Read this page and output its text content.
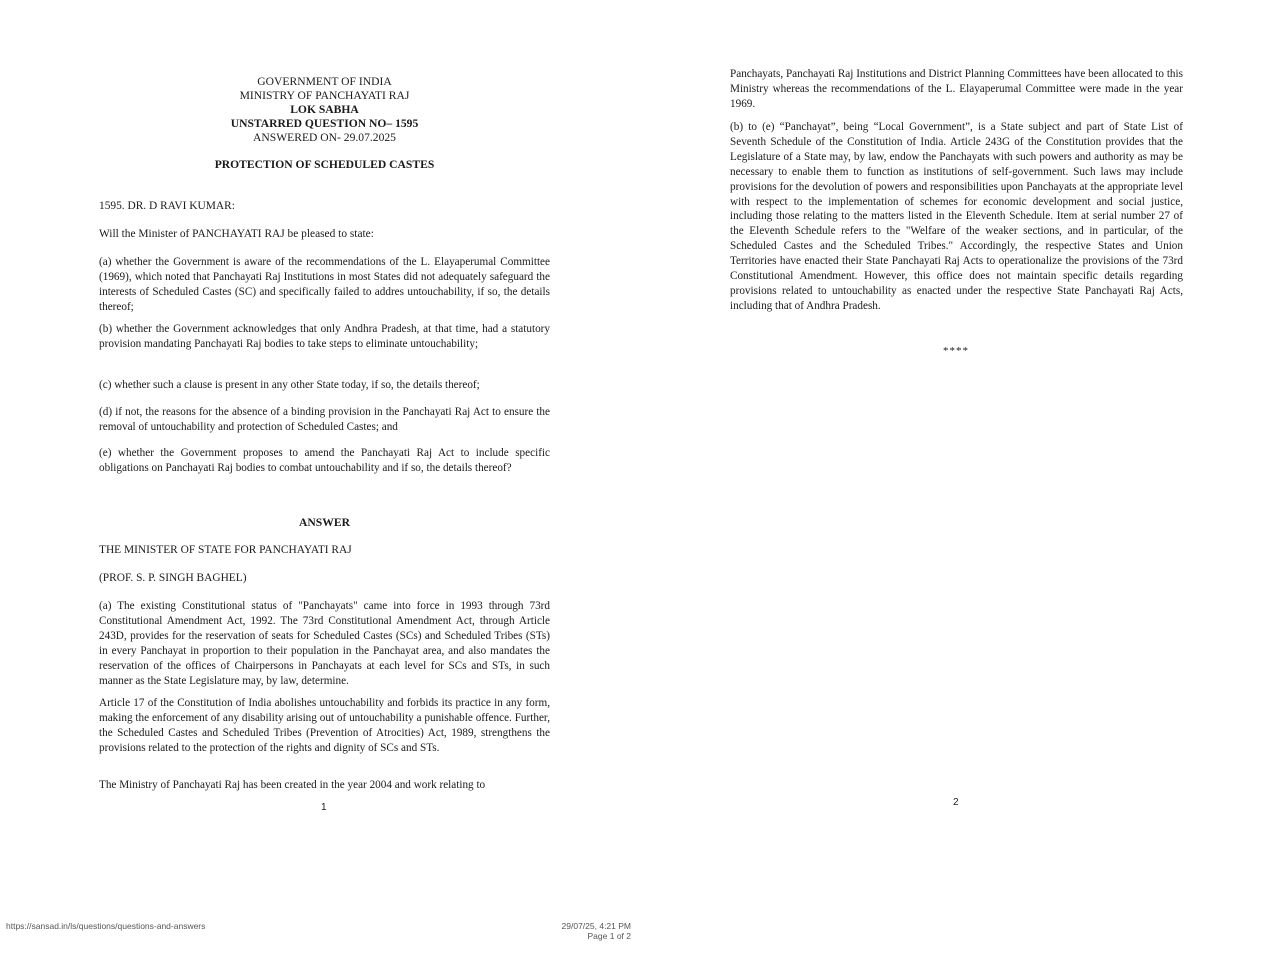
GOVERNMENT OF INDIA
MINISTRY OF PANCHAYATI RAJ
LOK SABHA
UNSTARRED QUESTION NO– 1595
ANSWERED ON- 29.07.2025
PROTECTION OF SCHEDULED CASTES
1595. DR. D RAVI KUMAR:
Will the Minister of PANCHAYATI RAJ be pleased to state:
(a) whether the Government is aware of the recommendations of the L. Elayaperumal Committee (1969), which noted that Panchayati Raj Institutions in most States did not adequately safeguard the interests of Scheduled Castes (SC) and specifically failed to addres untouchability, if so, the details thereof;
(b) whether the Government acknowledges that only Andhra Pradesh, at that time, had a statutory provision mandating Panchayati Raj bodies to take steps to eliminate untouchability;
(c) whether such a clause is present in any other State today, if so, the details thereof;
(d) if not, the reasons for the absence of a binding provision in the Panchayati Raj Act to ensure the removal of untouchability and protection of Scheduled Castes; and
(e) whether the Government proposes to amend the Panchayati Raj Act to include specific obligations on Panchayati Raj bodies to combat untouchability and if so, the details thereof?
ANSWER
THE MINISTER OF STATE FOR PANCHAYATI RAJ
(PROF. S. P. SINGH BAGHEL)
(a) The existing Constitutional status of "Panchayats" came into force in 1993 through 73rd Constitutional Amendment Act, 1992. The 73rd Constitutional Amendment Act, through Article 243D, provides for the reservation of seats for Scheduled Castes (SCs) and Scheduled Tribes (STs) in every Panchayat in proportion to their population in the Panchayat area, and also mandates the reservation of the offices of Chairpersons in Panchayats at each level for SCs and STs, in such manner as the State Legislature may, by law, determine.
Article 17 of the Constitution of India abolishes untouchability and forbids its practice in any form, making the enforcement of any disability arising out of untouchability a punishable offence. Further, the Scheduled Castes and Scheduled Tribes (Prevention of Atrocities) Act, 1989, strengthens the provisions related to the protection of the rights and dignity of SCs and STs.
The Ministry of Panchayati Raj has been created in the year 2004 and work relating to
1
Panchayats, Panchayati Raj Institutions and District Planning Committees have been allocated to this Ministry whereas the recommendations of the L. Elayaperumal Committee were made in the year 1969.
(b) to (e) “Panchayat”, being “Local Government”, is a State subject and part of State List of Seventh Schedule of the Constitution of India. Article 243G of the Constitution provides that the Legislature of a State may, by law, endow the Panchayats with such powers and authority as may be necessary to enable them to function as institutions of self-government. Such laws may include provisions for the devolution of powers and responsibilities upon Panchayats at the appropriate level with respect to the implementation of schemes for economic development and social justice, including those relating to the matters listed in the Eleventh Schedule. Item at serial number 27 of the Eleventh Schedule refers to the "Welfare of the weaker sections, and in particular, of the Scheduled Castes and the Scheduled Tribes." Accordingly, the respective States and Union Territories have enacted their State Panchayati Raj Acts to operationalize the provisions of the 73rd Constitutional Amendment. However, this office does not maintain specific details regarding provisions related to untouchability as enacted under the respective State Panchayati Raj Acts, including that of Andhra Pradesh.
****
2
https://sansad.in/ls/questions/questions-and-answers	29/07/25, 4:21 PM
Page 1 of 2
